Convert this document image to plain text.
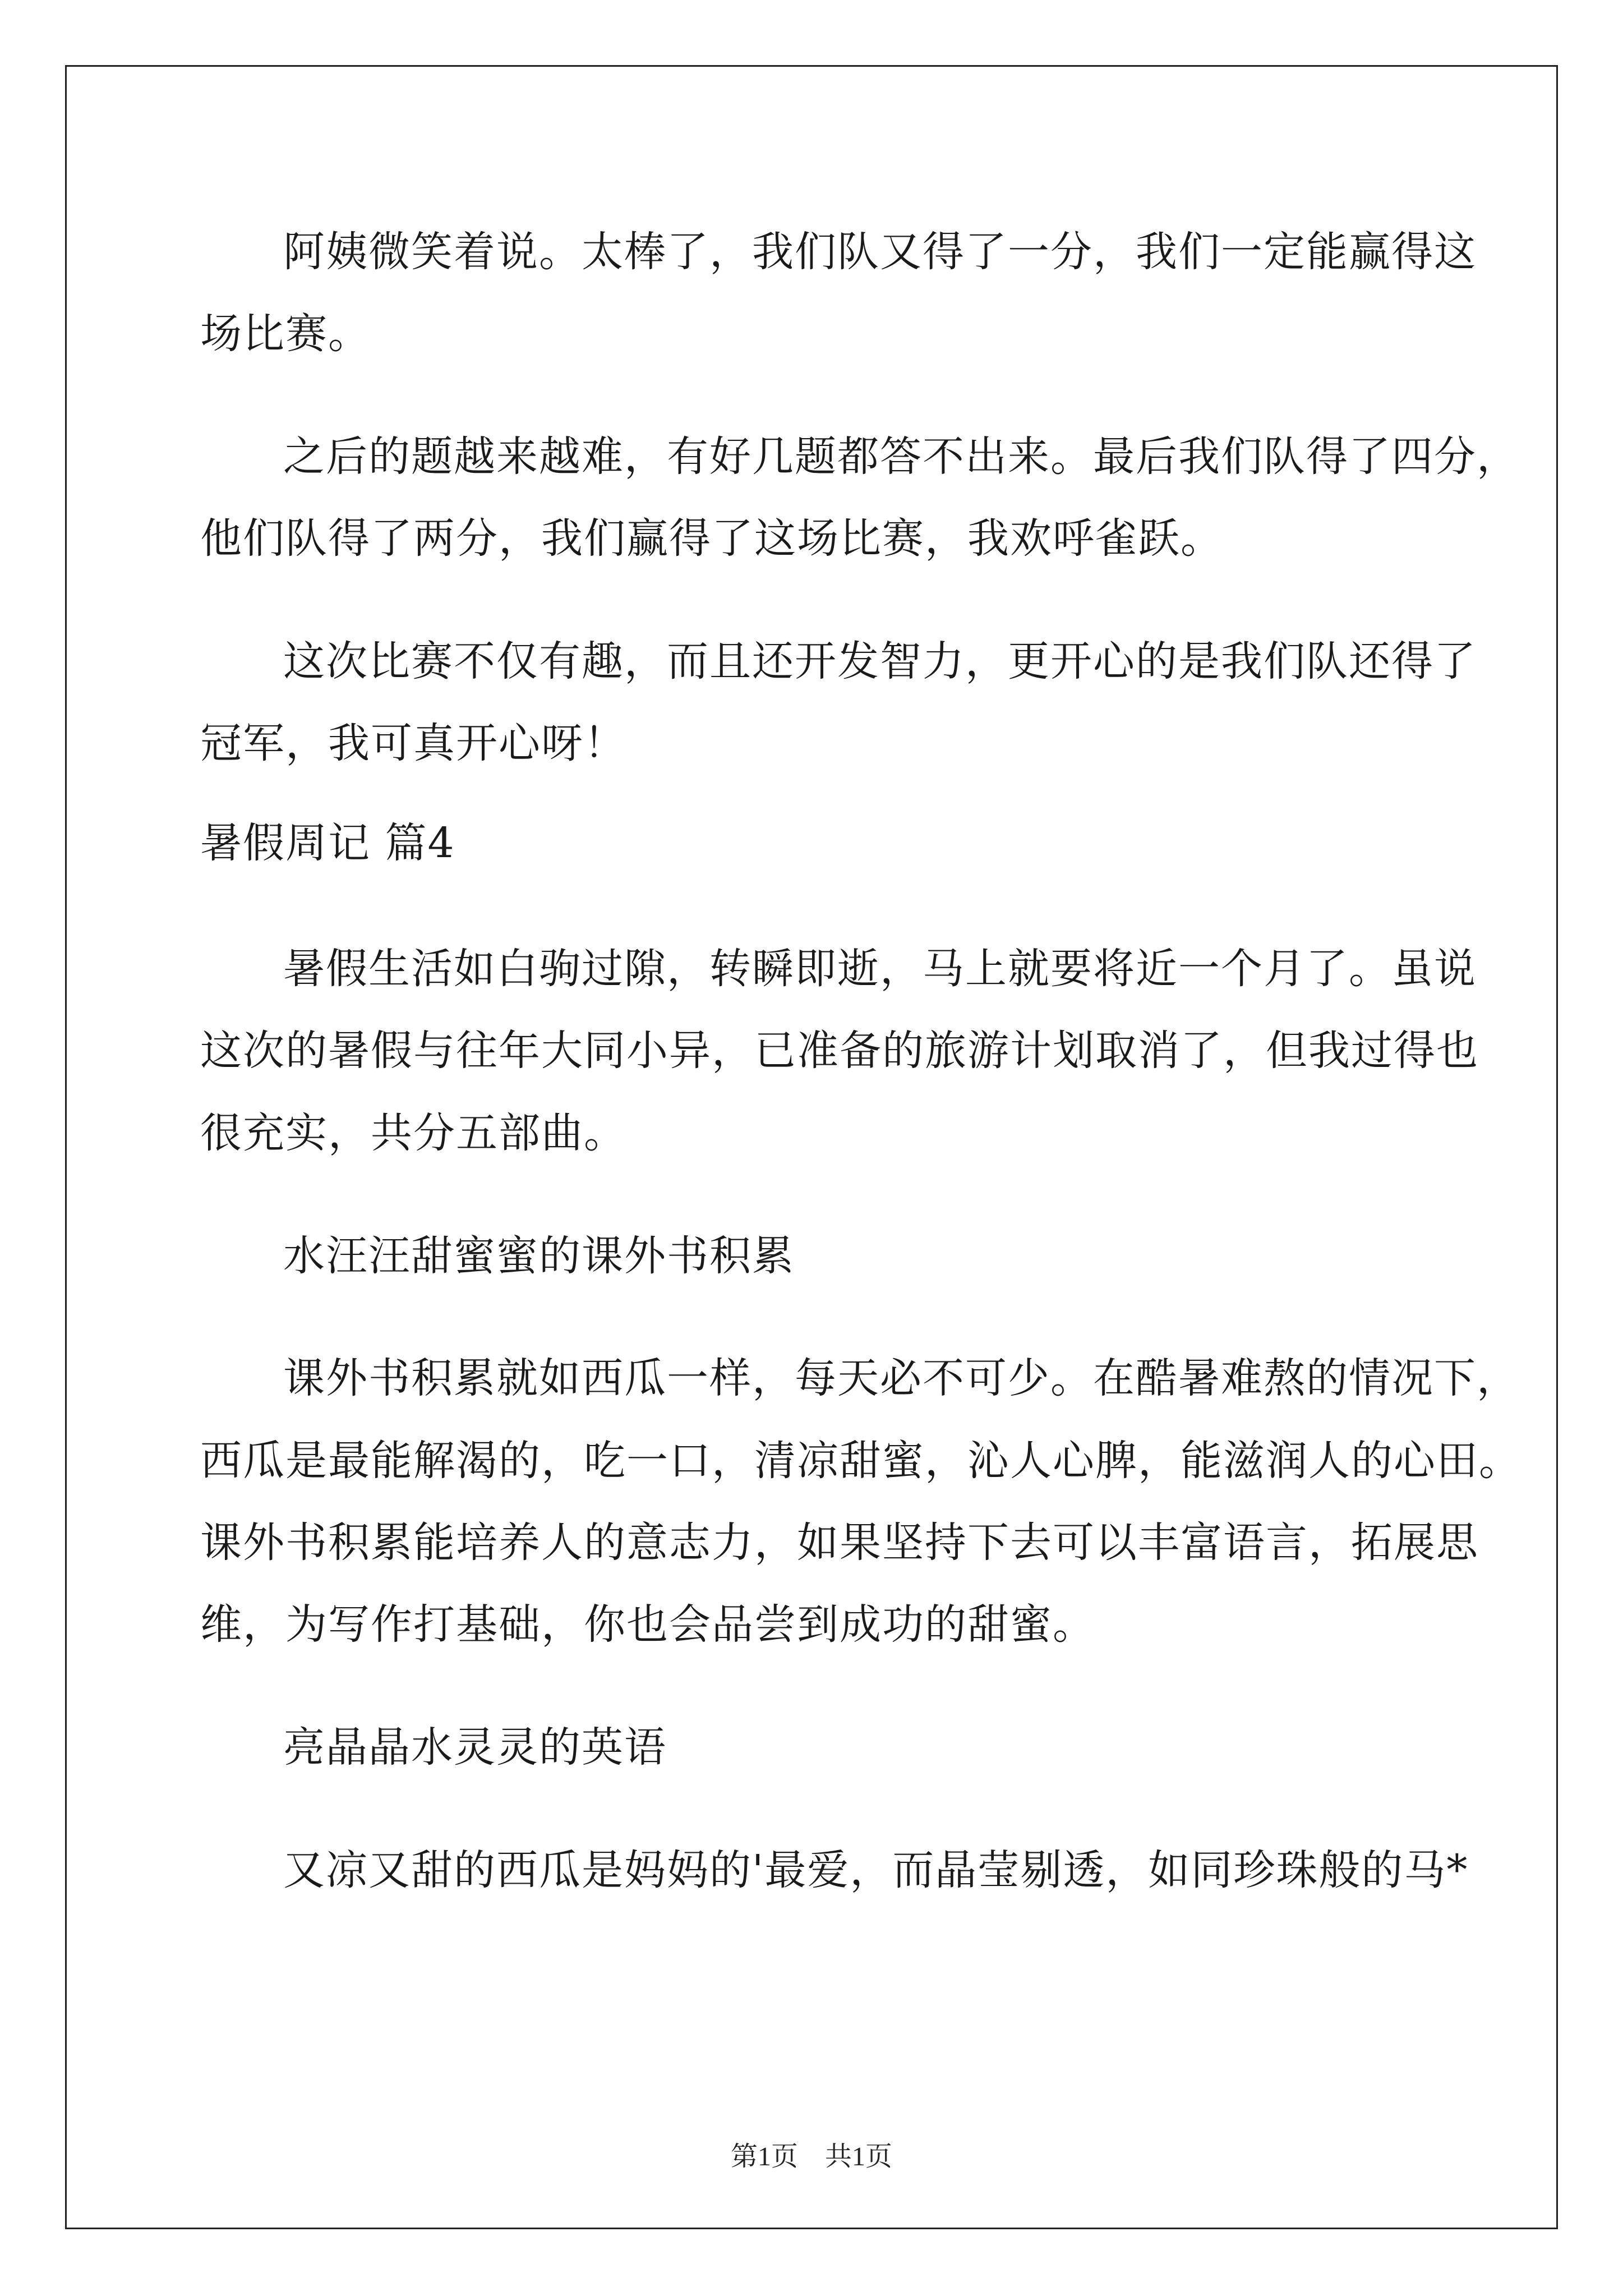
阿姨微笑着说。太棒了，我们队又得了一分，我们一定能赢得这
场比赛。
之后的题越来越难，有好几题都答不出来。最后我们队得了四分，
他们队得了两分，我们赢得了这场比赛，我欢呼雀跃。
这次比赛不仅有趣，而且还开发智力，更开心的是我们队还得了
冠军，我可真开心呀！
暑假周记 篇4
暑假生活如白驹过隙，转瞬即逝，马上就要将近一个月了。虽说
这次的暑假与往年大同小异，已准备的旅游计划取消了，但我过得也
很充实，共分五部曲。
水汪汪甜蜜蜜的课外书积累
课外书积累就如西瓜一样，每天必不可少。在酷暑难熬的情况下，
西瓜是最能解渴的，吃一口，清凉甜蜜，沁人心脾，能滋润人的心田。
课外书积累能培养人的意志力，如果坚持下去可以丰富语言，拓展思
维，为写作打基础，你也会品尝到成功的甜蜜。
亮晶晶水灵灵的英语
又凉又甜的西瓜是妈妈的'最爱，而晶莹剔透，如同珍珠般的马*
第1页 共1页
